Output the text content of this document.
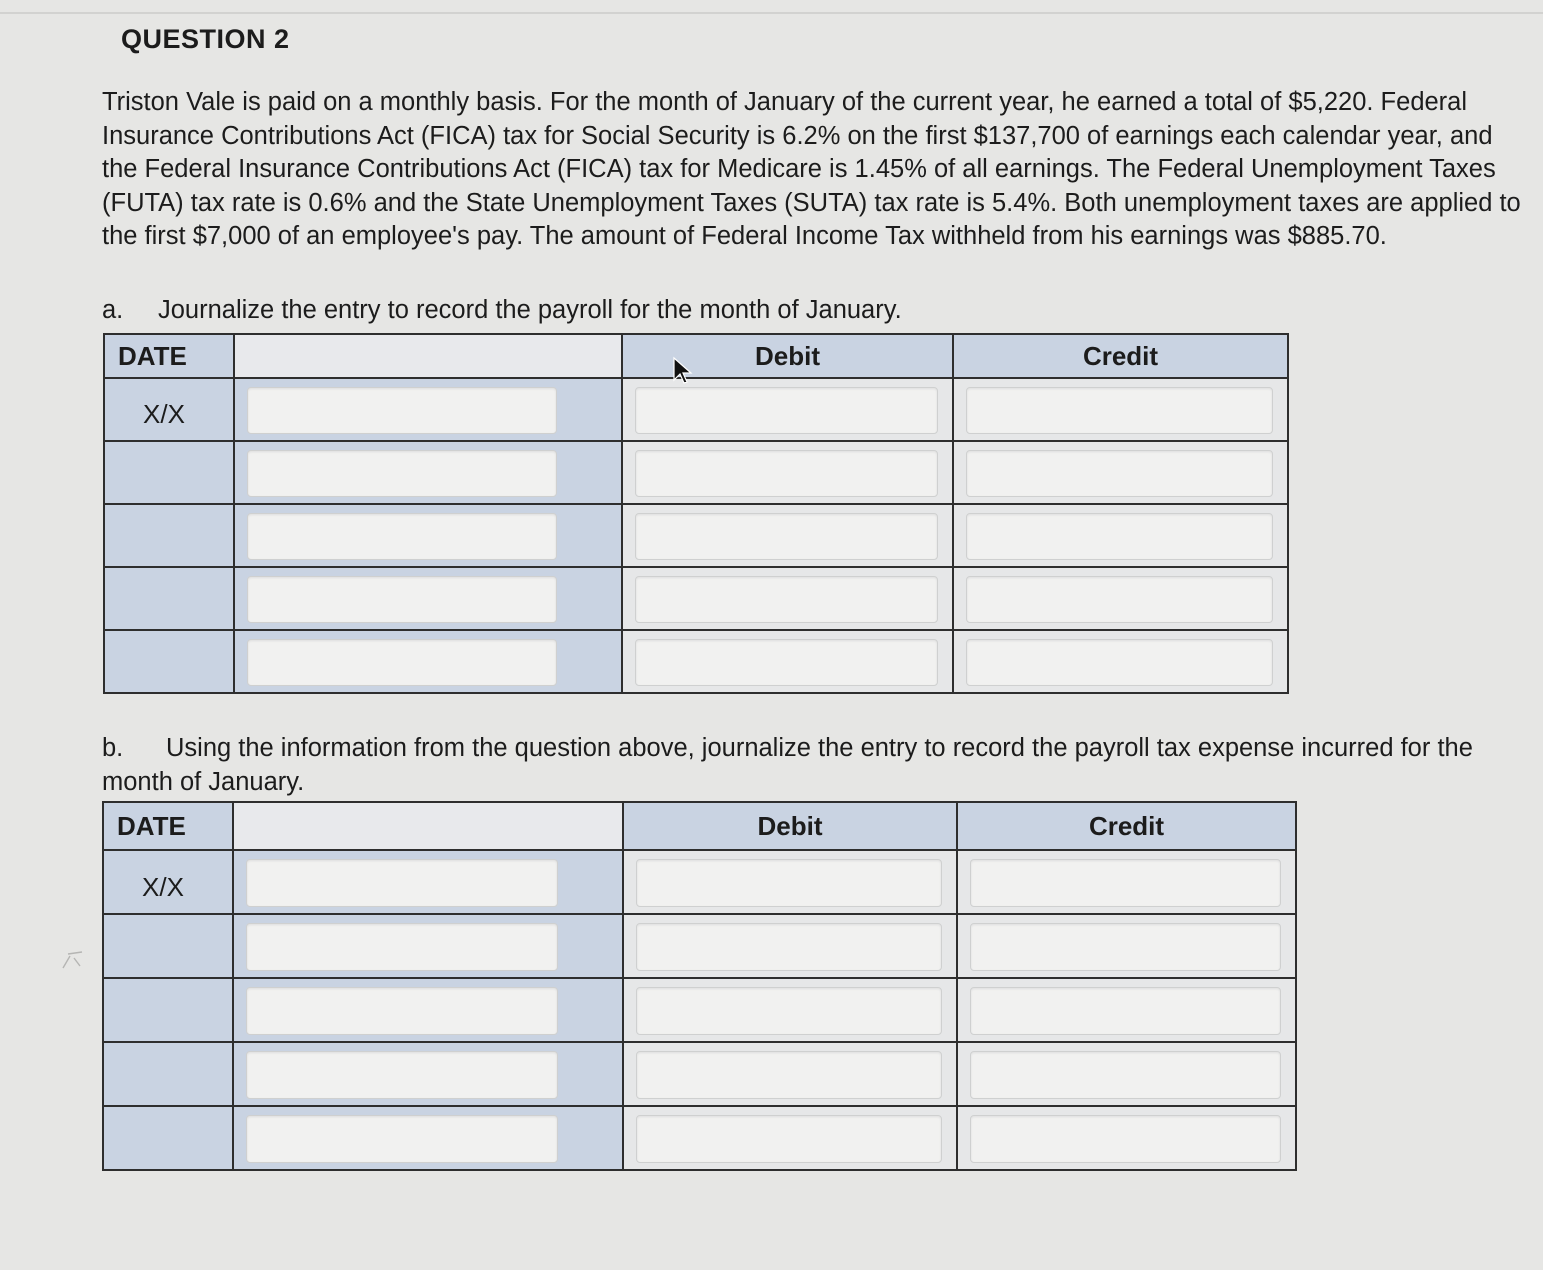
QUESTION 2
Triston Vale is paid on a monthly basis. For the month of January of the current year, he earned a total of $5,220. Federal Insurance Contributions Act (FICA) tax for Social Security is 6.2% on the first $137,700 of earnings each calendar year, and the Federal Insurance Contributions Act (FICA) tax for Medicare is 1.45% of all earnings. The Federal Unemployment Taxes (FUTA) tax rate is 0.6% and the State Unemployment Taxes (SUTA) tax rate is 5.4%. Both unemployment taxes are applied to the first $7,000 of an employee's pay. The amount of Federal Income Tax withheld from his earnings was $885.70.
a. Journalize the entry to record the payroll for the month of January.
DATE		Debit	Credit

X/X			

b. Using the information from the question above, journalize the entry to record the payroll tax expense incurred for the month of January.
DATE		Debit	Credit

X/X			
